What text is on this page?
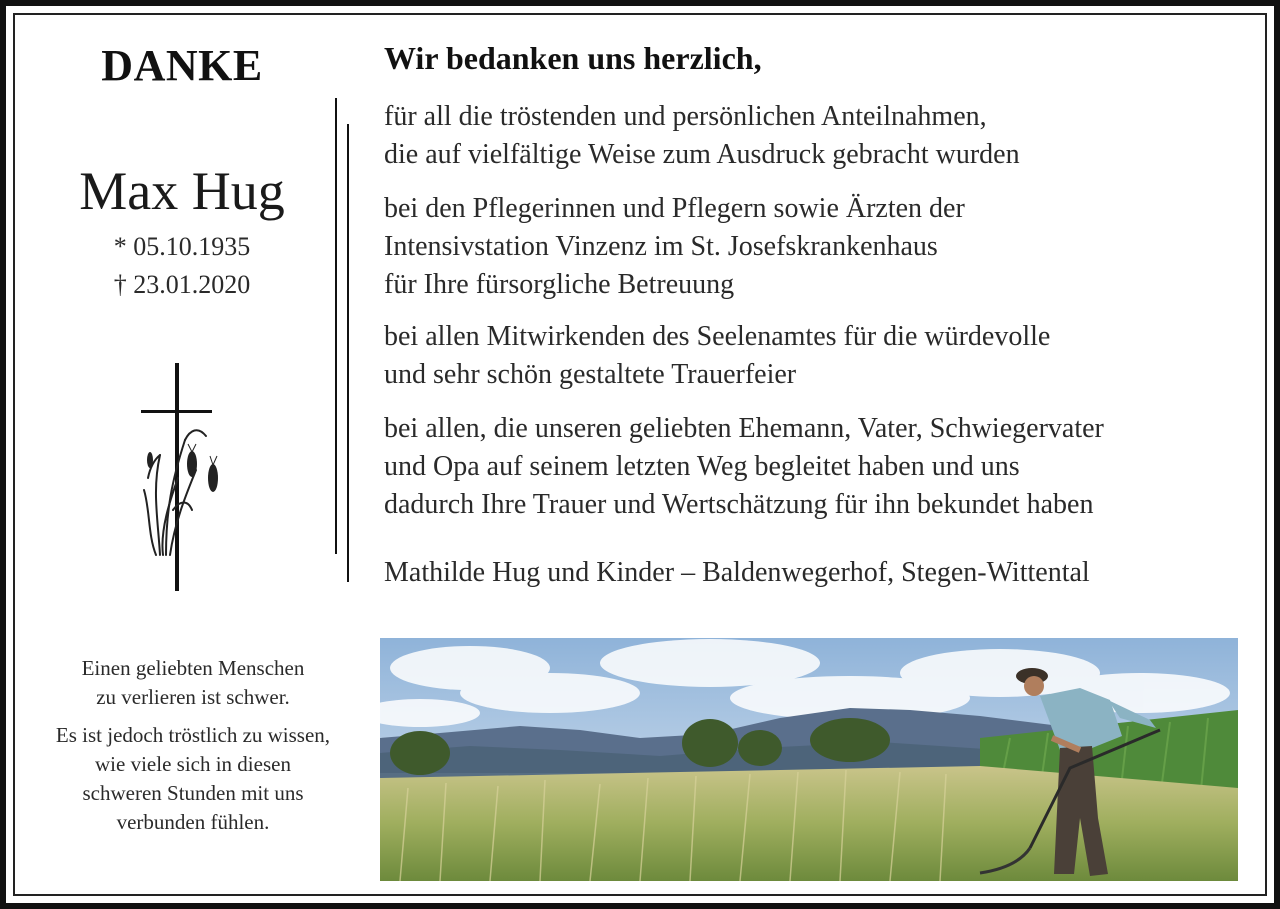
DANKE
Max Hug
* 05.10.1935
† 23.01.2020
Wir bedanken uns herzlich,
für all die tröstenden und persönlichen Anteilnahmen,
die auf vielfältige Weise zum Ausdruck gebracht wurden
bei den Pflegerinnen und Pflegern sowie Ärzten der
Intensivstation Vinzenz im St. Josefskrankenhaus
für Ihre fürsorgliche Betreuung
bei allen Mitwirkenden des Seelenamtes für die würdevolle
und sehr schön gestaltete Trauerfeier
bei allen, die unseren geliebten Ehemann, Vater, Schwiegervater
und Opa auf seinem letzten Weg begleitet haben und uns
dadurch Ihre Trauer und Wertschätzung für ihn bekundet haben
Mathilde Hug und Kinder – Baldenwegerhof, Stegen-Wittental
Einen geliebten Menschen
zu verlieren ist schwer.
Es ist jedoch tröstlich zu wissen,
wie viele sich in diesen
schweren Stunden mit uns
verbunden fühlen.
